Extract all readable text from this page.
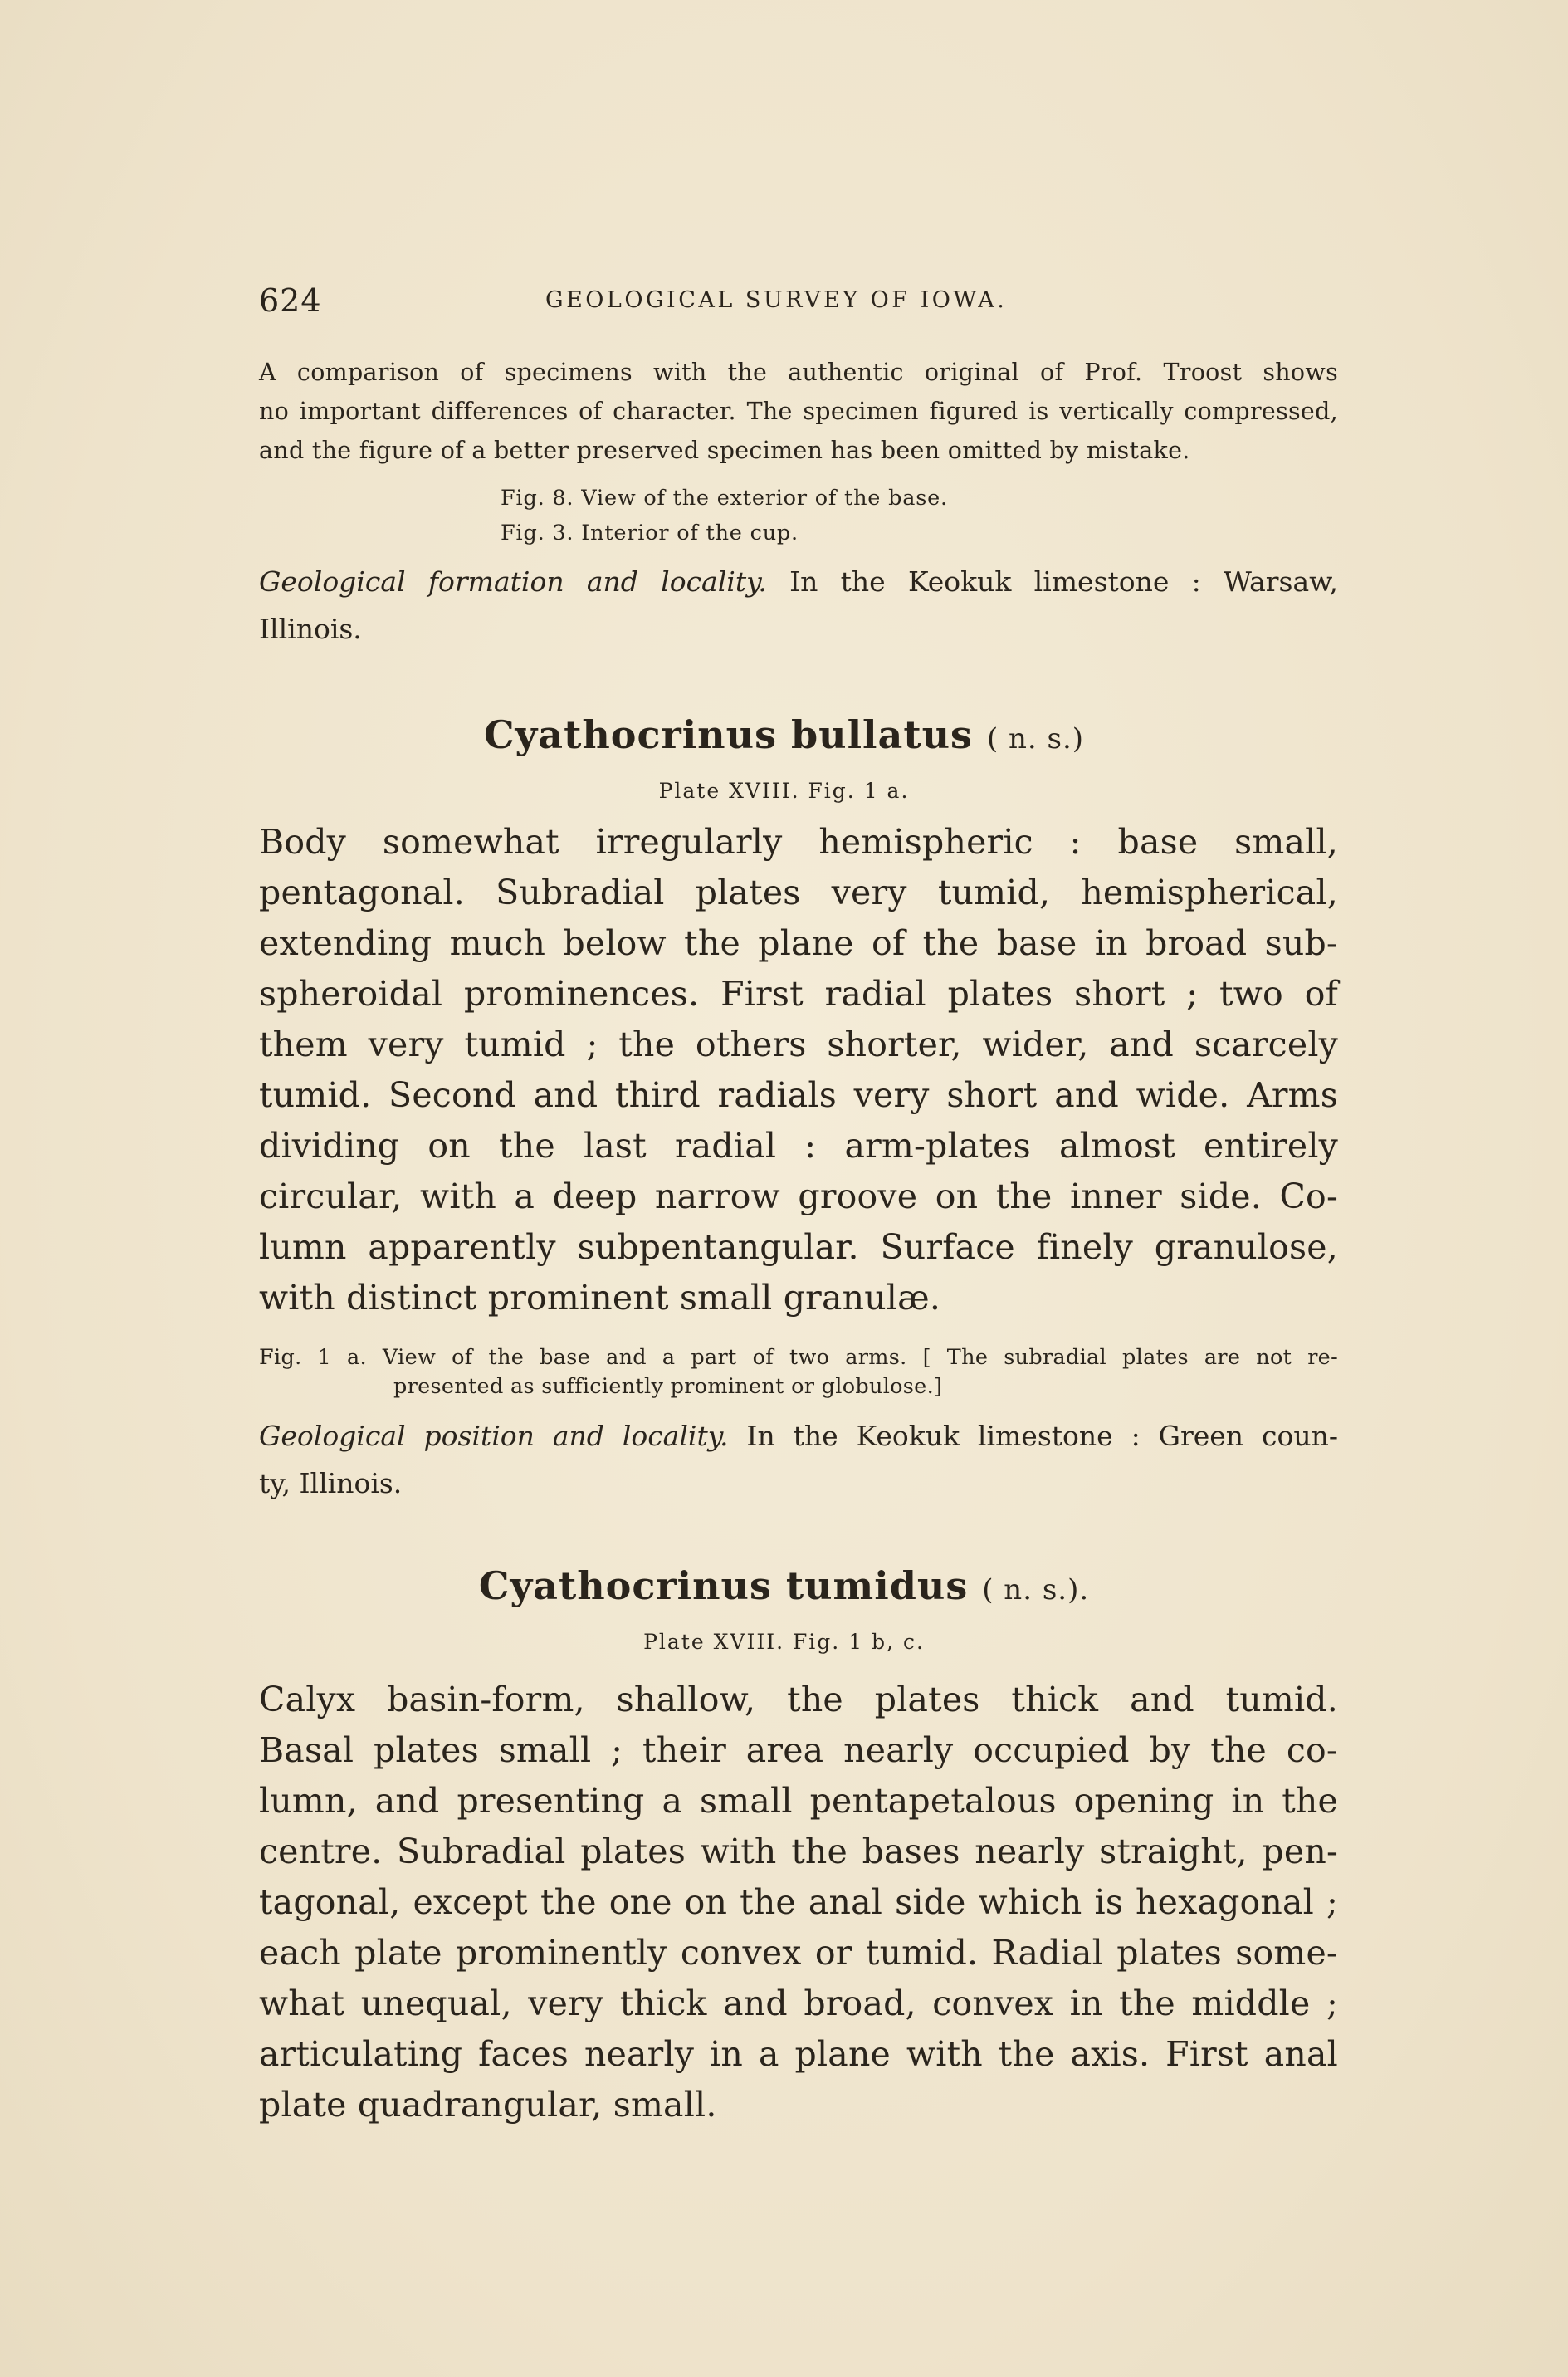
624	GEOLOGICAL SURVEY OF IOWA.
A comparison of specimens with the authentic original of Prof. Troost shows
no important differences of character. The specimen figured is vertically compressed,
and the figure of a better preserved specimen has been omitted by mistake.
Fig. 8. View of the exterior of the base.
Fig. 3. Interior of the cup.
Geological formation and locality. In the Keokuk limestone : Warsaw,
Illinois.
Cyathocrinus bullatus ( n. s.)
Plate XVIII. Fig. 1 a.
Body somewhat irregularly hemispheric : base small,
pentagonal. Subradial plates very tumid, hemispherical,
extending much below the plane of the base in broad sub-
spheroidal prominences. First radial plates short ; two of
them very tumid ; the others shorter, wider, and scarcely
tumid. Second and third radials very short and wide. Arms
dividing on the last radial : arm-plates almost entirely
circular, with a deep narrow groove on the inner side. Co-
lumn apparently subpentangular. Surface finely granulose,
with distinct prominent small granulæ.
Fig. 1 a. View of the base and a part of two arms. [ The subradial plates are not re-
presented as sufficiently prominent or globulose.]
Geological position and locality. In the Keokuk limestone : Green coun-
ty, Illinois.
Cyathocrinus tumidus ( n. s.).
Plate XVIII. Fig. 1 b, c.
Calyx basin-form, shallow, the plates thick and tumid.
Basal plates small ; their area nearly occupied by the co-
lumn, and presenting a small pentapetalous opening in the
centre. Subradial plates with the bases nearly straight, pen-
tagonal, except the one on the anal side which is hexagonal ;
each plate prominently convex or tumid. Radial plates some-
what unequal, very thick and broad, convex in the middle ;
articulating faces nearly in a plane with the axis. First anal
plate quadrangular, small.
